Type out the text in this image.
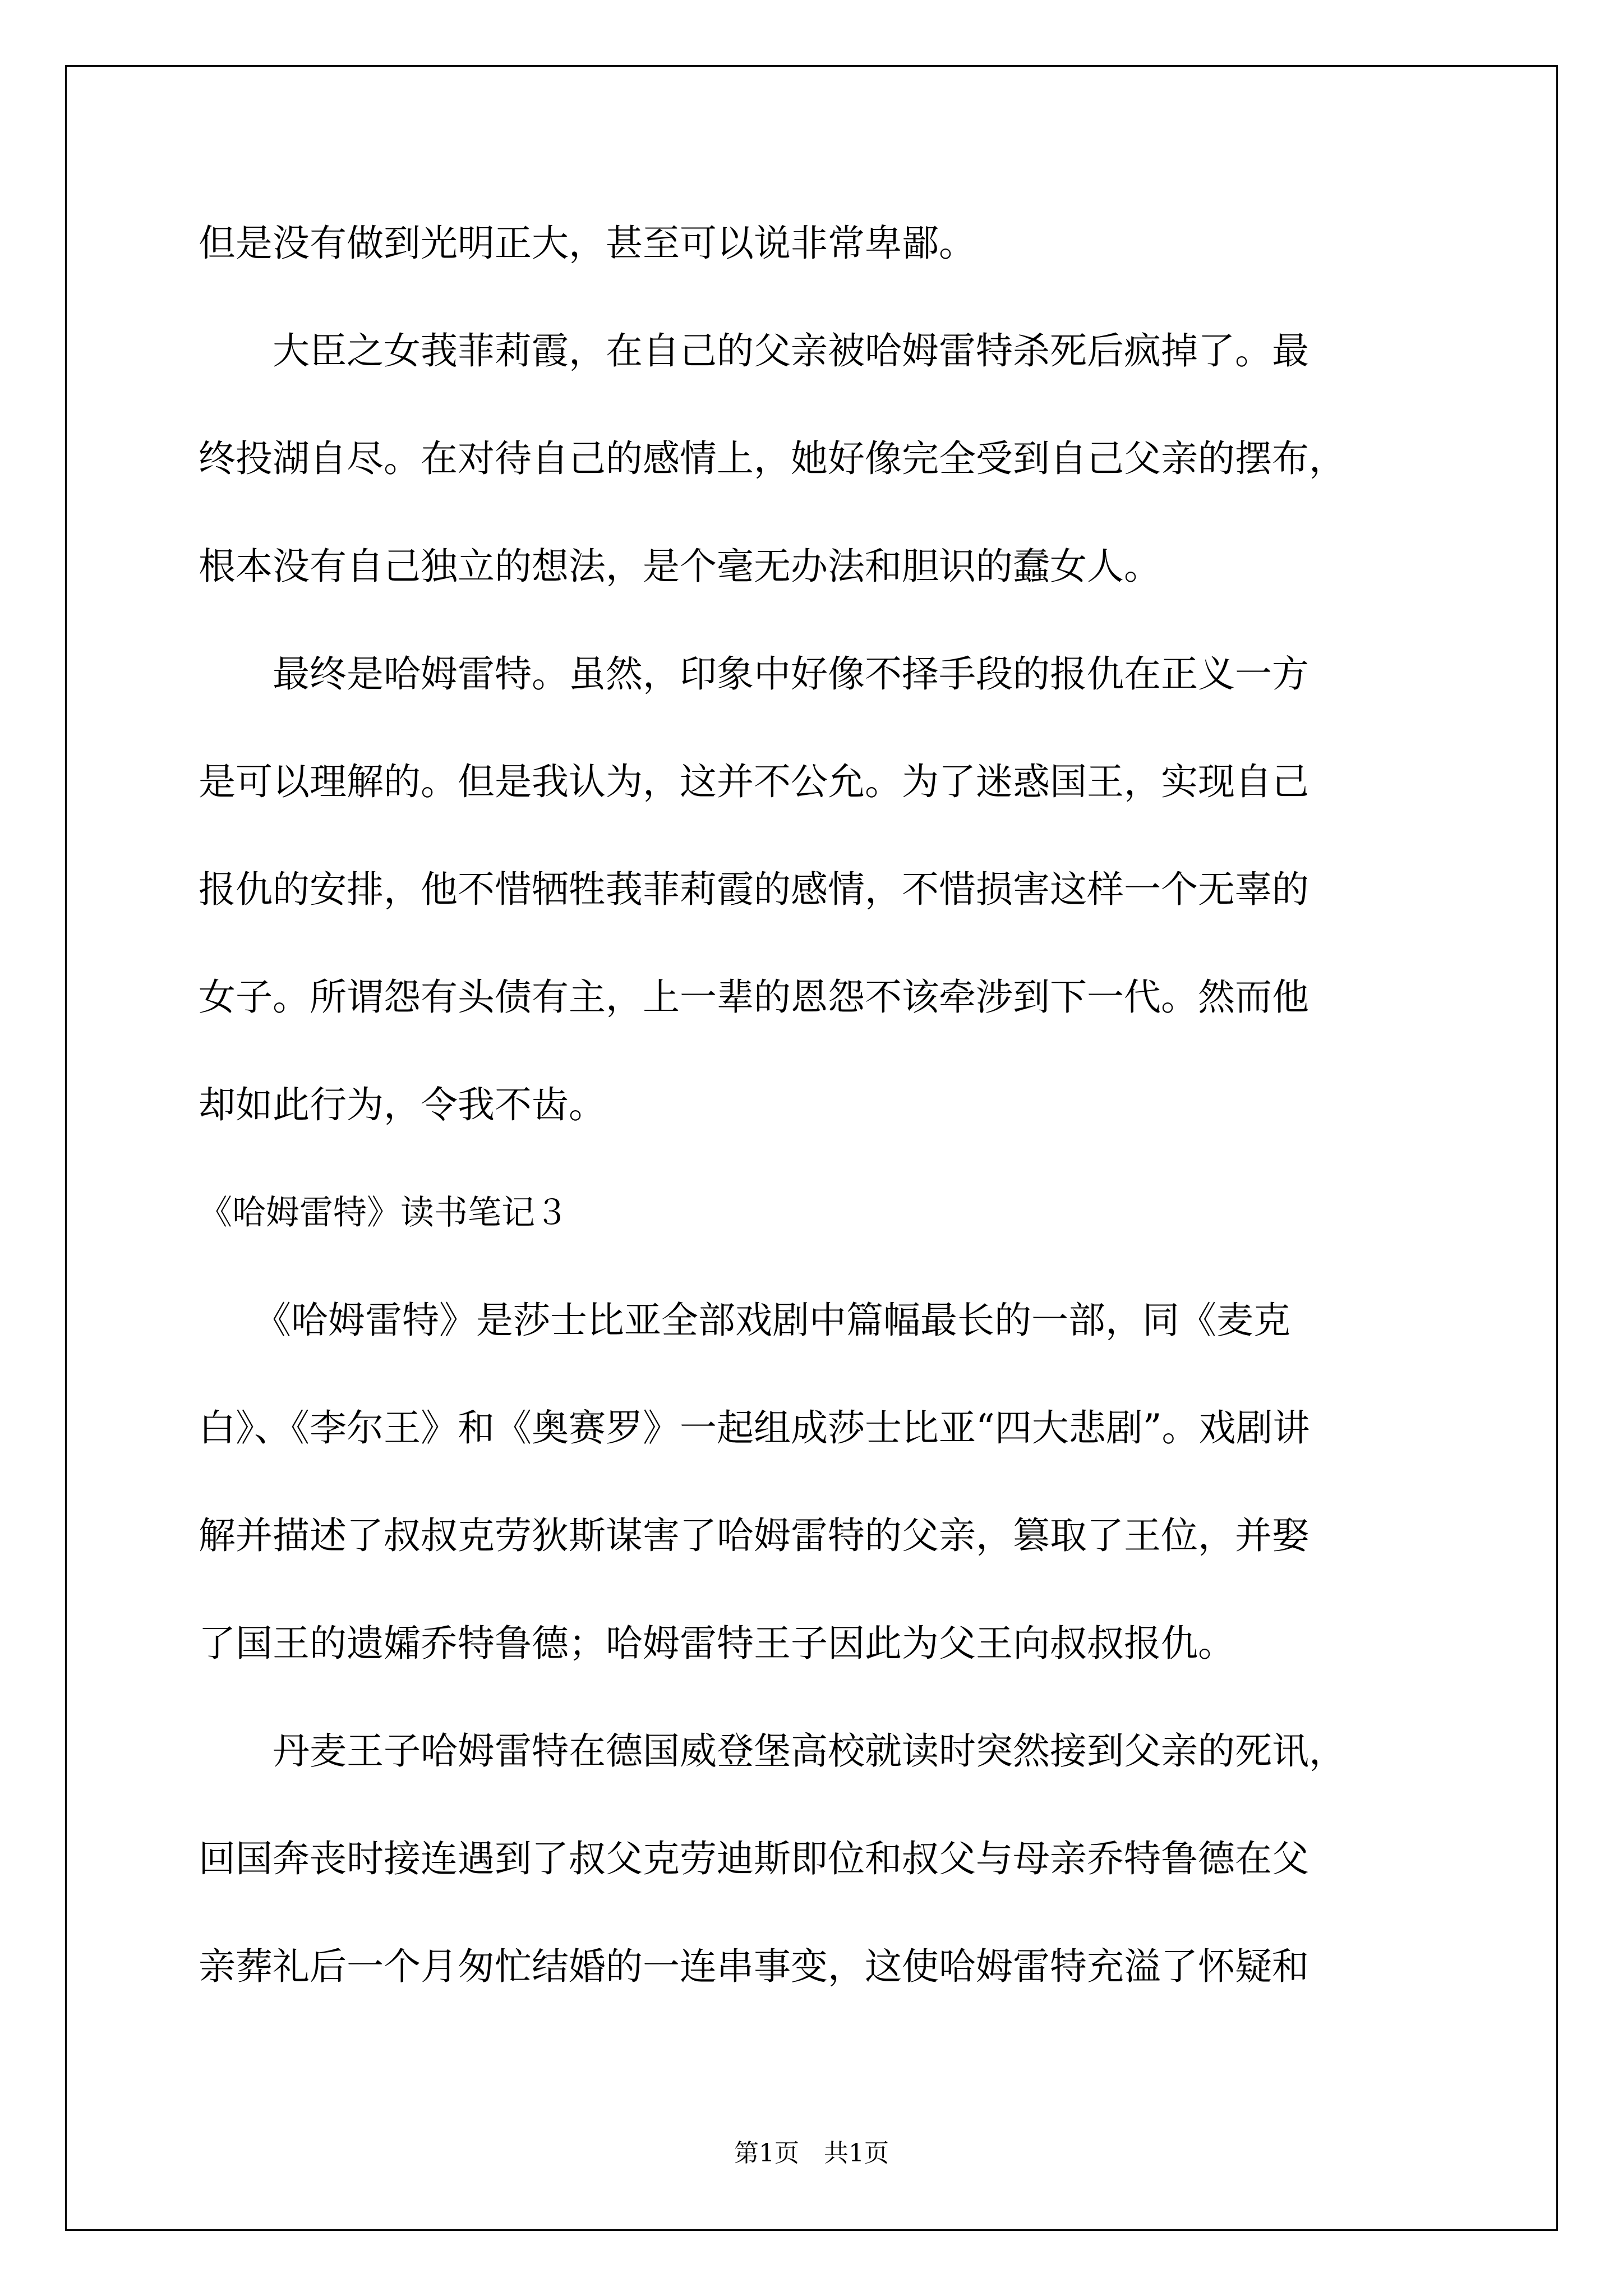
但是没有做到光明正大，甚至可以说非常卑鄙。
　　大臣之女莪菲莉霞，在自己的父亲被哈姆雷特杀死后疯掉了。最
终投湖自尽。在对待自己的感情上，她好像完全受到自己父亲的摆布，
根本没有自己独立的想法，是个毫无办法和胆识的蠢女人。
　　最终是哈姆雷特。虽然，印象中好像不择手段的报仇在正义一方
是可以理解的。但是我认为，这并不公允。为了迷惑国王，实现自己
报仇的安排，他不惜牺牲莪菲莉霞的感情，不惜损害这样一个无辜的
女子。所谓怨有头债有主，上一辈的恩怨不该牵涉到下一代。然而他
却如此行为，令我不齿。
《哈姆雷特》读书笔记３
　　《哈姆雷特》是莎士比亚全部戏剧中篇幅最长的一部，同《麦克
白》、《李尔王》和《奥赛罗》一起组成莎士比亚“四大悲剧”。戏剧讲
解并描述了叔叔克劳狄斯谋害了哈姆雷特的父亲，篡取了王位，并娶
了国王的遗孀乔特鲁德；哈姆雷特王子因此为父王向叔叔报仇。
　　丹麦王子哈姆雷特在德国威登堡高校就读时突然接到父亲的死讯，
回国奔丧时接连遇到了叔父克劳迪斯即位和叔父与母亲乔特鲁德在父
亲葬礼后一个月匆忙结婚的一连串事变，这使哈姆雷特充溢了怀疑和
第1页　共1页
